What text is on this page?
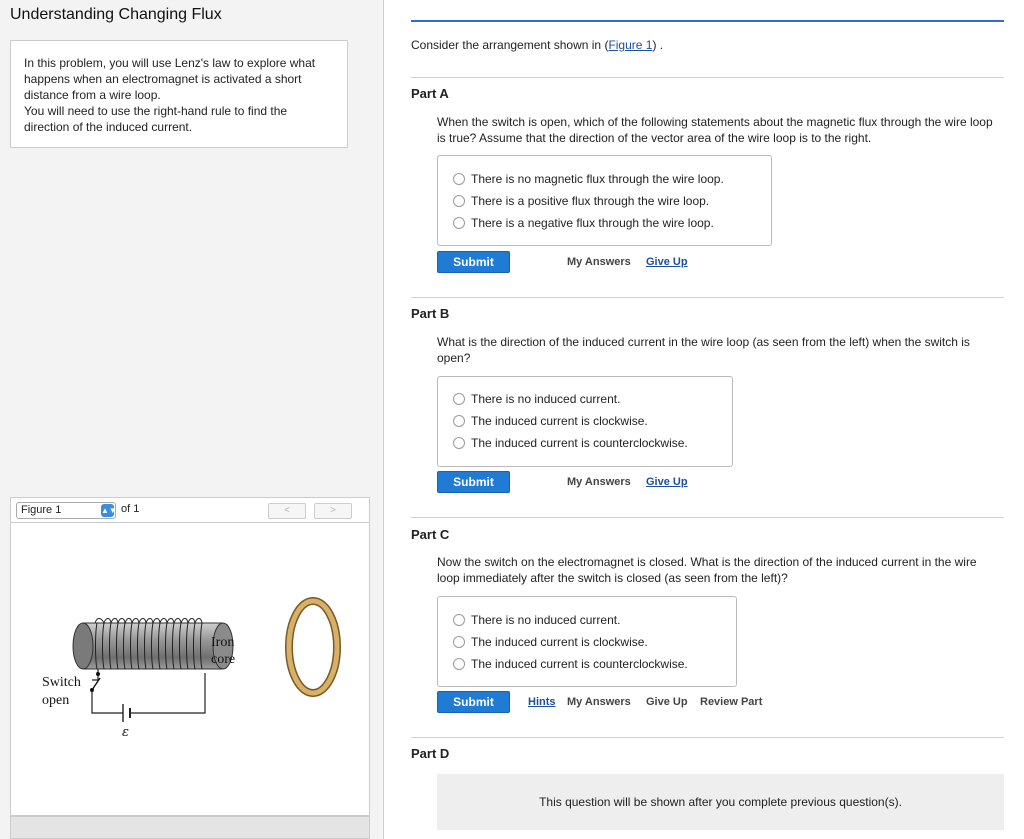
Understanding Changing Flux

In this problem, you will use Lenz's law to explore what happens when an electromagnet is activated a short distance from a wire loop.

You will need to use the right-hand rule to find the direction of the induced current.

Figure 1	▲▼ of 1	<	>
Iron
core
Switch
open
ε
Consider the arrangement shown in (Figure 1) .
Part A
When the switch is open, which of the following statements about the magnetic flux through the wire loop is true? Assume that the direction of the vector area of the wire loop is to the right.
There is no magnetic flux through the wire loop.
There is a positive flux through the wire loop.
There is a negative flux through the wire loop.
Submit	My Answers Give Up
Part B
What is the direction of the induced current in the wire loop (as seen from the left) when the switch is open?
There is no induced current.
The induced current is clockwise.
The induced current is counterclockwise.
Submit	My Answers Give Up
Part C
Now the switch on the electromagnet is closed. What is the direction of the induced current in the wire loop immediately after the switch is closed (as seen from the left)?
There is no induced current.
The induced current is clockwise.
The induced current is counterclockwise.
Submit	Hints My Answers Give Up Review Part
Part D
This question will be shown after you complete previous question(s).
